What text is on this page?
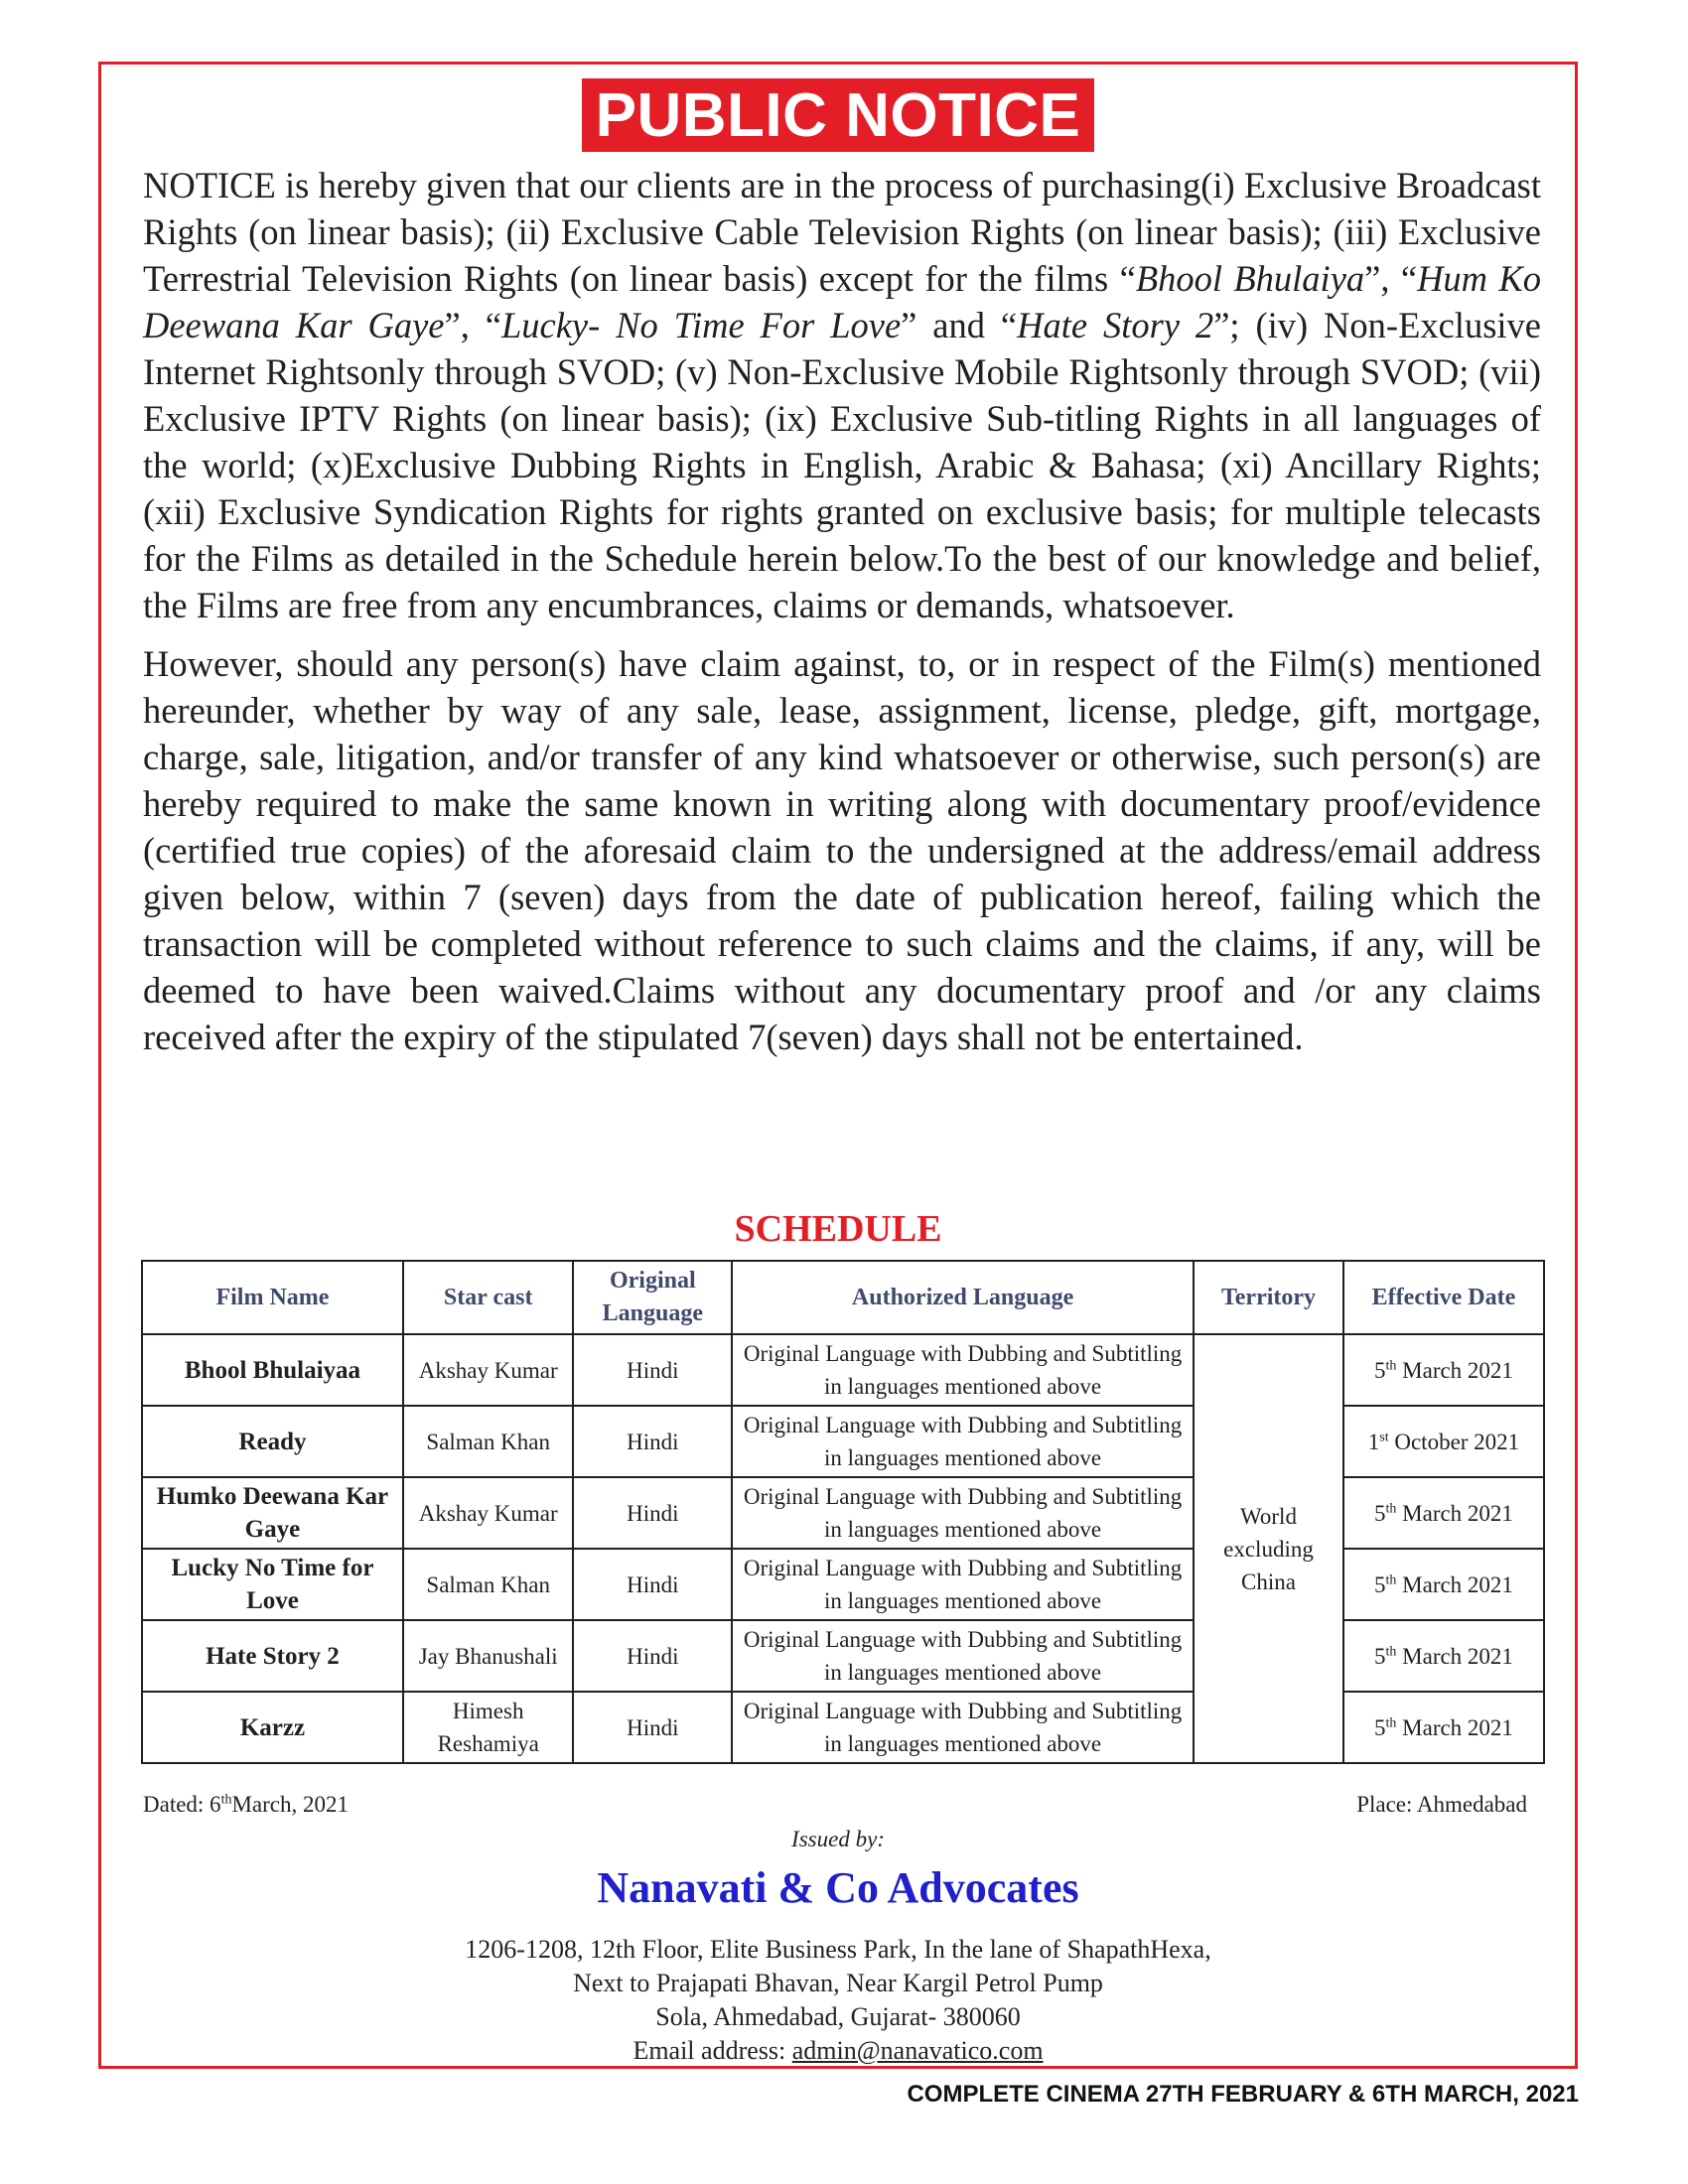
PUBLIC NOTICE

NOTICE is hereby given that our clients are in the process of purchasing(i) Exclusive Broadcast Rights (on linear basis); (ii) Exclusive Cable Television Rights (on linear basis); (iii) Exclusive Terrestrial Television Rights (on linear basis) except for the films “Bhool Bhulaiya”, “Hum Ko Deewana Kar Gaye”, “Lucky- No Time For Love” and “Hate Story 2”; (iv) Non-Exclusive Internet Rightsonly through SVOD; (v) Non-Exclusive Mobile Rightsonly through SVOD; (vii) Exclusive IPTV Rights (on linear basis); (ix) Exclusive Sub-titling Rights in all languages of the world; (x)Exclusive Dubbing Rights in English, Arabic & Bahasa; (xi) Ancillary Rights; (xii) Exclusive Syndication Rights for rights granted on exclusive basis; for multiple telecasts for the Films as detailed in the Schedule herein below.To the best of our knowledge and belief, the Films are free from any encumbrances, claims or demands, whatsoever.

However, should any person(s) have claim against, to, or in respect of the Film(s) mentioned hereunder, whether by way of any sale, lease, assignment, license, pledge, gift, mortgage, charge, sale, litigation, and/or transfer of any kind whatsoever or otherwise, such person(s) are hereby required to make the same known in writing along with documentary proof/evidence (certified true copies) of the aforesaid claim to the undersigned at the address/email address given below, within 7 (seven) days from the date of publication hereof, failing which the transaction will be completed without reference to such claims and the claims, if any, will be deemed to have been waived.Claims without any documentary proof and /or any claims received after the expiry of the stipulated 7(seven) days shall not be entertained.

SCHEDULE
Film Name	Star cast	Original Language	Authorized Language	Territory	Effective Date
Bhool Bhulaiyaa	Akshay Kumar	Hindi	Original Language with Dubbing and Subtitling in languages mentioned above	World excluding China	5th March 2021
Ready	Salman Khan	Hindi	Original Language with Dubbing and Subtitling in languages mentioned above		1st October 2021
Humko Deewana Kar Gaye	Akshay Kumar	Hindi	Original Language with Dubbing and Subtitling in languages mentioned above		5th March 2021
Lucky No Time for Love	Salman Khan	Hindi	Original Language with Dubbing and Subtitling in languages mentioned above		5th March 2021
Hate Story 2	Jay Bhanushali	Hindi	Original Language with Dubbing and Subtitling in languages mentioned above		5th March 2021
Karzz	Himesh Reshamiya	Hindi	Original Language with Dubbing and Subtitling in languages mentioned above		5th March 2021
Dated: 6thMarch, 2021	Place: Ahmedabad
Issued by:
Nanavati & Co Advocates
1206-1208, 12th Floor, Elite Business Park, In the lane of ShapathHexa,
Next to Prajapati Bhavan, Near Kargil Petrol Pump
Sola, Ahmedabad, Gujarat- 380060
Email address: admin@nanavatico.com
COMPLETE CINEMA 27TH FEBRUARY & 6TH MARCH, 2021
